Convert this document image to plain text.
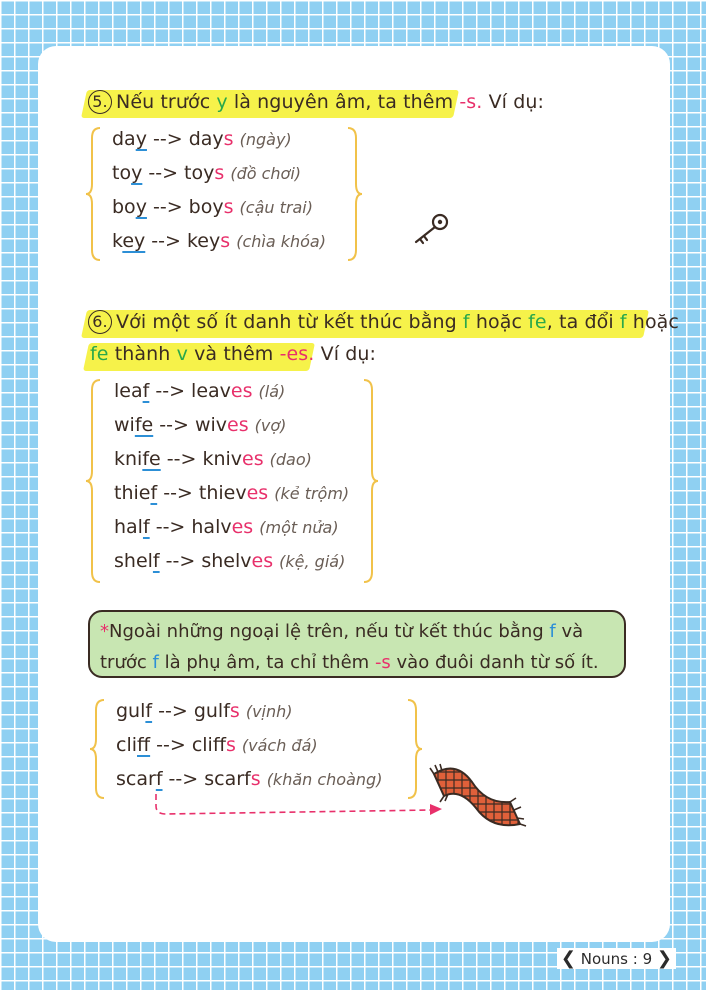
5. Nếu trước y là nguyên âm, ta thêm -s. Ví dụ:
day --> days (ngày)
toy --> toys (đồ chơi)
boy --> boys (cậu trai)
key --> keys (chìa khóa)
6. Với một số ít danh từ kết thúc bằng f hoặc fe, ta đổi f hoặc
fe thành v và thêm -es. Ví dụ:
leaf --> leaves (lá)
wife --> wives (vợ)
knife --> knives (dao)
thief --> thieves (kẻ trộm)
half --> halves (một nửa)
shelf --> shelves (kệ, giá)
*Ngoài những ngoại lệ trên, nếu từ kết thúc bằng f và
trước f là phụ âm, ta chỉ thêm -s vào đuôi danh từ số ít.
gulf --> gulfs (vịnh)
cliff --> cliffs (vách đá)
scarf --> scarfs (khăn choàng)
❮ Nouns : 9 ❯
